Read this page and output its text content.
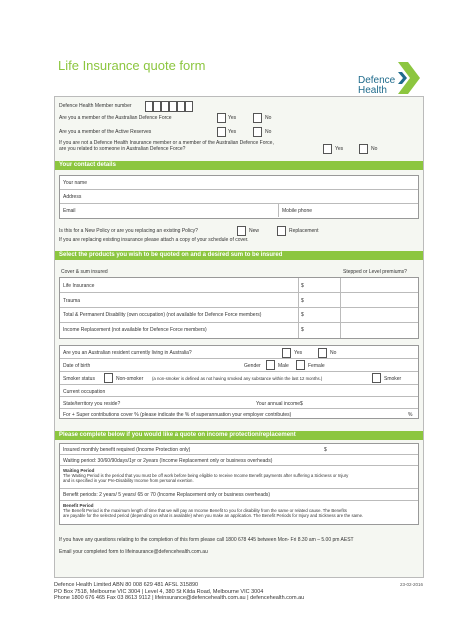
Life Insurance quote form
Defence
Health
Defence Health Member number
Are you a member of the Australian Defence Force	Yes	No
Are you a member of the Active Reserves	Yes	No
If you are not a Defence Health Insurance member or a member of the Australian Defence Force,
are you related to someone in Australian Defence Force?	Yes	No
Your contact details
Your name
Address
Email	Mobile phone
Is this for a New Policy or are you replacing an existing Policy?	New	Replacement
If you are replacing existing insurance please attach a copy of your schedule of cover.
Select the products you wish to be quoted on and a desired sum to be insured
Cover & sum insured	Stepped or Level premiums?
Life Insurance	$
Trauma	$
Total & Permanent Disability (own occupation) (not available for Defence Force members)	$
Income Replacement (not available for Defence Force members)	$
Are you an Australian resident currently living in Australia?	Yes	No
Date of birth	Gender	Male	Female
Smoker status	Non-smoker (a non-smoker is defined as not having smoked any substance within the last 12 months.)	Smoker
Current occupation
State/territory you reside?	Your annual income $
For + Super contributions cover % (please indicate the % of superannuation your employer contributes)	%
Please complete below if you would like a quote on income protection/replacement
Insured monthly benefit required (Income Protection only)	$
Waiting period: 30/60/90days/1yr or 2years (Income Replacement only or business overheads)
Waiting Period
The Waiting Period is the period that you must be off work before being eligible to receive Income Benefit payments after suffering a Sickness or Injury
and is specified in your Pre-Disability Income from personal exertion.
Benefit periods: 2 years/ 5 years/ 65 or 70 (Income Replacement only or business overheads)
Benefit Period
The Benefit Period is the maximum length of time that we will pay an Income Benefit to you for disability from the same or related cause. The Benefits
are payable for the selected period (depending on what is available) when you make an application. The Benefit Periods for Injury and Sickness are the same.
If you have any questions relating to the completion of this form please call 1800 678 445 between Mon- Fri 8.30 am – 5.00 pm AEST
Email your completed form to lifeinsurance@defencehealth.com.au
Defence Health Limited ABN 80 008 629 481 AFSL 315890
PO Box 7518, Melbourne VIC 3004 | Level 4, 380 St Kilda Road, Melbourne VIC 3004
Phone 1800 676 465 Fax 03 8613 9112 | lifeinsurance@defencehealth.com.au | defencehealth.com.au
23-02-2016
